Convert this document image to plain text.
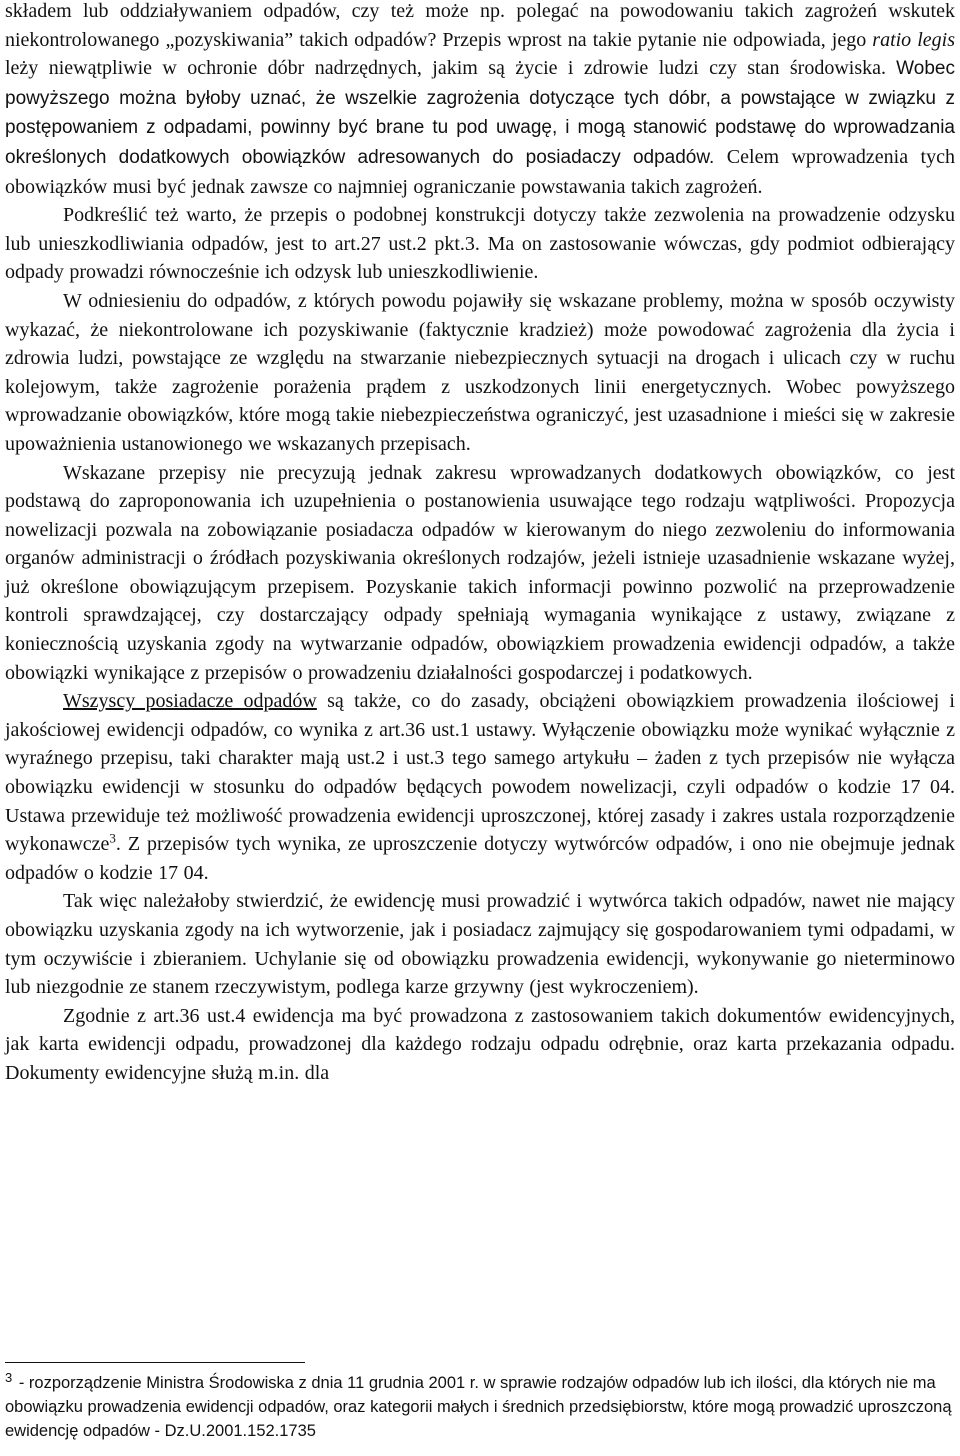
składem lub oddziaływaniem odpadów, czy też może np. polegać na powodowaniu takich zagrożeń wskutek niekontrolowanego „pozyskiwania” takich odpadów? Przepis wprost na takie pytanie nie odpowiada, jego ratio legis leży niewątpliwie w ochronie dóbr nadrzędnych, jakim są życie i zdrowie ludzi czy stan środowiska. Wobec powyższego można byłoby uznać, że wszelkie zagrożenia dotyczące tych dóbr, a powstające w związku z postępowaniem z odpadami, powinny być brane tu pod uwagę, i mogą stanowić podstawę do wprowadzania określonych dodatkowych obowiązków adresowanych do posiadaczy odpadów. Celem wprowadzenia tych obowiązków musi być jednak zawsze co najmniej ograniczanie powstawania takich zagrożeń.

Podkreślić też warto, że przepis o podobnej konstrukcji dotyczy także zezwolenia na prowadzenie odzysku lub unieszkodliwiania odpadów, jest to art.27 ust.2 pkt.3. Ma on zastosowanie wówczas, gdy podmiot odbierający odpady prowadzi równocześnie ich odzysk lub unieszkodliwienie.

W odniesieniu do odpadów, z których powodu pojawiły się wskazane problemy, można w sposób oczywisty wykazać, że niekontrolowane ich pozyskiwanie (faktycznie kradzież) może powodować zagrożenia dla życia i zdrowia ludzi, powstające ze względu na stwarzanie niebezpiecznych sytuacji na drogach i ulicach czy w ruchu kolejowym, także zagrożenie porażenia prądem z uszkodzonych linii energetycznych. Wobec powyższego wprowadzanie obowiązków, które mogą takie niebezpieczeństwa ograniczyć, jest uzasadnione i mieści się w zakresie upoważnienia ustanowionego we wskazanych przepisach.

Wskazane przepisy nie precyzują jednak zakresu wprowadzanych dodatkowych obowiązków, co jest podstawą do zaproponowania ich uzupełnienia o postanowienia usuwające tego rodzaju wątpliwości. Propozycja nowelizacji pozwala na zobowiązanie posiadacza odpadów w kierowanym do niego zezwoleniu do informowania organów administracji o źródłach pozyskiwania określonych rodzajów, jeżeli istnieje uzasadnienie wskazane wyżej, już określone obowiązującym przepisem. Pozyskanie takich informacji powinno pozwolić na przeprowadzenie kontroli sprawdzającej, czy dostarczający odpady spełniają wymagania wynikające z ustawy, związane z koniecznością uzyskania zgody na wytwarzanie odpadów, obowiązkiem prowadzenia ewidencji odpadów, a także obowiązki wynikające z przepisów o prowadzeniu działalności gospodarczej i podatkowych.

Wszyscy posiadacze odpadów są także, co do zasady, obciążeni obowiązkiem prowadzenia ilościowej i jakościowej ewidencji odpadów, co wynika z art.36 ust.1 ustawy. Wyłączenie obowiązku może wynikać wyłącznie z wyraźnego przepisu, taki charakter mają ust.2 i ust.3 tego samego artykułu – żaden z tych przepisów nie wyłącza obowiązku ewidencji w stosunku do odpadów będących powodem nowelizacji, czyli odpadów o kodzie 17 04. Ustawa przewiduje też możliwość prowadzenia ewidencji uproszczonej, której zasady i zakres ustala rozporządzenie wykonawcze$^3$. Z przepisów tych wynika, ze uproszczenie dotyczy wytwórców odpadów, i ono nie obejmuje jednak odpadów o kodzie 17 04.

Tak więc należałoby stwierdzić, że ewidencję musi prowadzić i wytwórca takich odpadów, nawet nie mający obowiązku uzyskania zgody na ich wytworzenie, jak i posiadacz zajmujący się gospodarowaniem tymi odpadami, w tym oczywiście i zbieraniem. Uchylanie się od obowiązku prowadzenia ewidencji, wykonywanie go nieterminowo lub niezgodnie ze stanem rzeczywistym, podlega karze grzywny (jest wykroczeniem).

Zgodnie z art.36 ust.4 ewidencja ma być prowadzona z zastosowaniem takich dokumentów ewidencyjnych, jak karta ewidencji odpadu, prowadzonej dla każdego rodzaju odpadu odrębnie, oraz karta przekazania odpadu. Dokumenty ewidencyjne służą m.in. dla

$^3$ - rozporządzenie Ministra Środowiska z dnia 11 grudnia 2001 r. w sprawie rodzajów odpadów lub ich ilości, dla których nie ma obowiązku prowadzenia ewidencji odpadów, oraz kategorii małych i średnich przedsiębiorstw, które mogą prowadzić uproszczoną ewidencję odpadów - Dz.U.2001.152.1735
